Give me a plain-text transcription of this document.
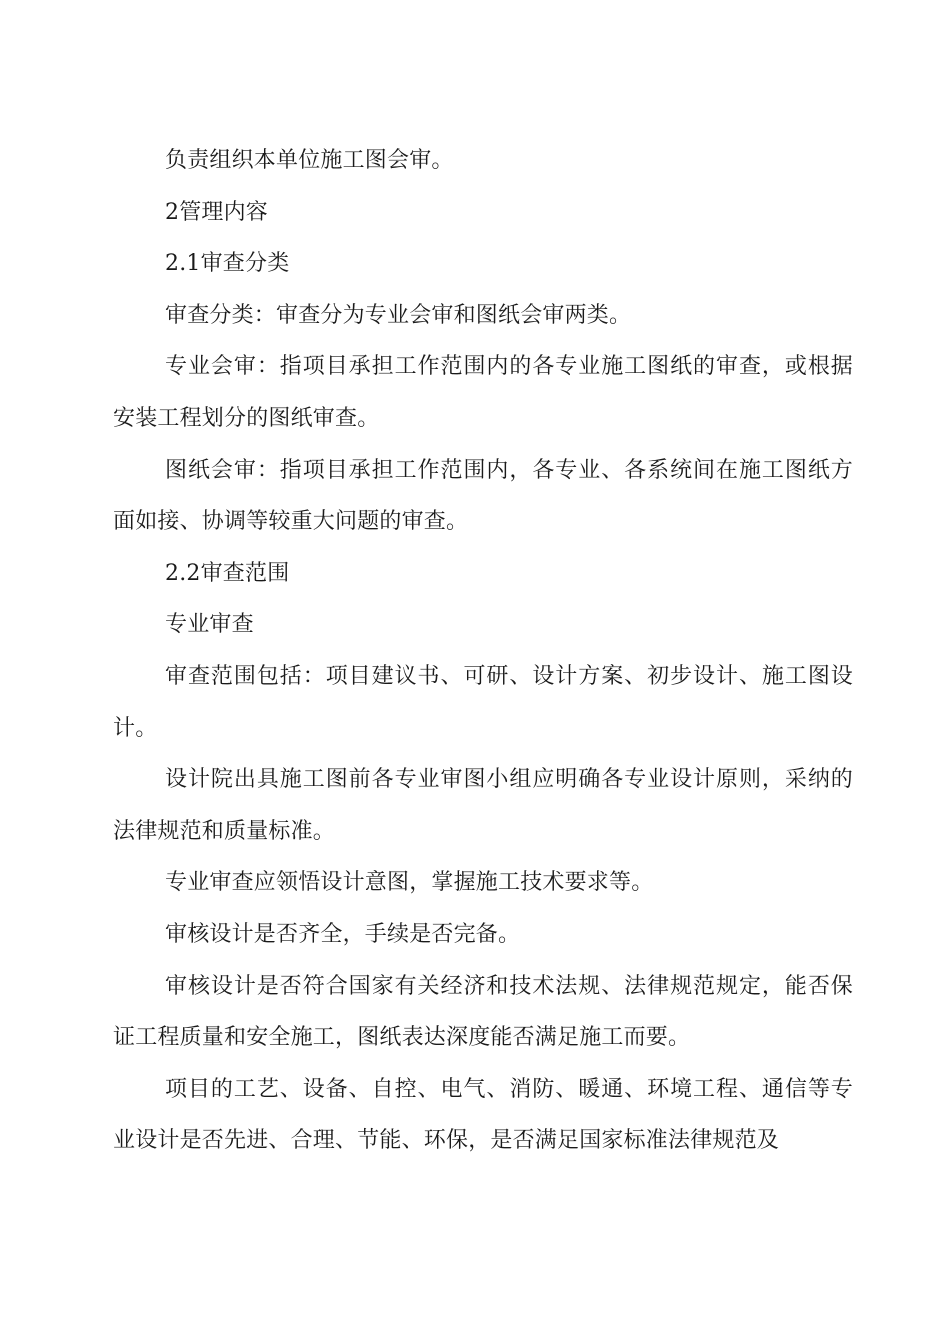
负责组织本单位施工图会审。

2管理内容

2.1审查分类

审查分类：审查分为专业会审和图纸会审两类。

专业会审：指项目承担工作范围内的各专业施工图纸的审查，或根据安装工程划分的图纸审查。

图纸会审：指项目承担工作范围内，各专业、各系统间在施工图纸方面如接、协调等较重大问题的审查。

2.2审查范围

专业审查

审查范围包括：项目建议书、可研、设计方案、初步设计、施工图设计。

设计院出具施工图前各专业审图小组应明确各专业设计原则，采纳的法律规范和质量标准。

专业审查应领悟设计意图，掌握施工技术要求等。

审核设计是否齐全，手续是否完备。

审核设计是否符合国家有关经济和技术法规、法律规范规定，能否保证工程质量和安全施工，图纸表达深度能否满足施工而要。

项目的工艺、设备、自控、电气、消防、暖通、环境工程、通信等专业设计是否先进、合理、节能、环保，是否满足国家标准法律规范及
